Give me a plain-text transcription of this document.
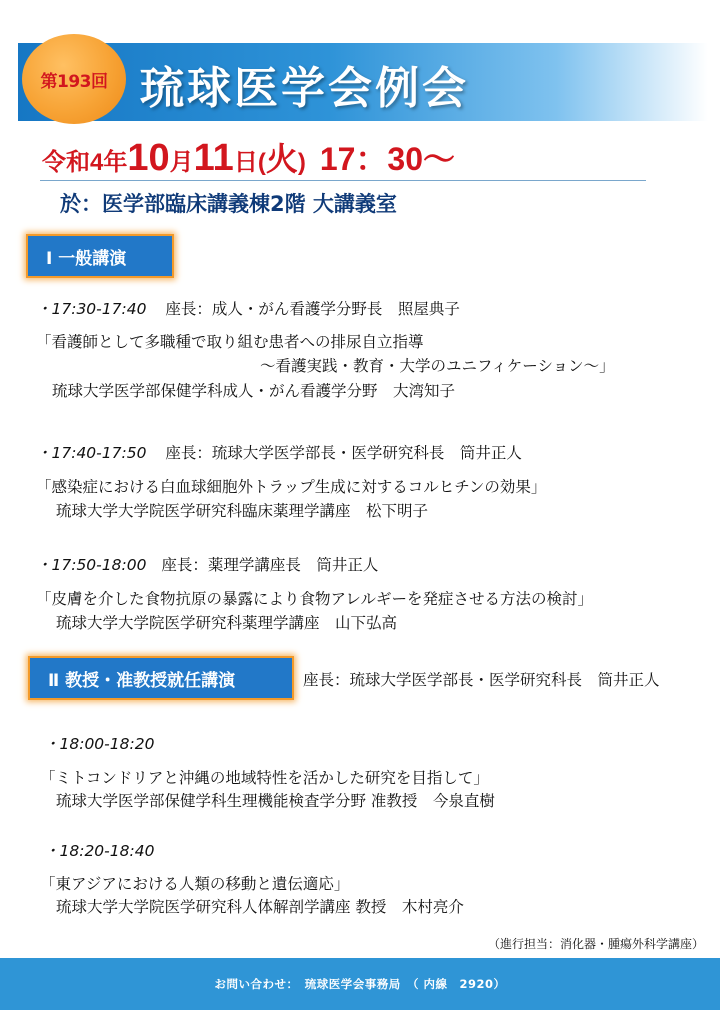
第193回 琉球医学会例会
令和4年10月11日(火) 17：30～
於：医学部臨床講義棟2階 大講義室
Ⅰ 一般講演
・17:30-17:40 座長：成人・がん看護学分野長　照屋典子
「看護師として多職種で取り組む患者への排尿自立指導
～看護実践・教育・大学のユニフィケーション～」
琉球大学医学部保健学科成人・がん看護学分野　大湾知子
・17:40-17:50 座長：琉球大学医学部長・医学研究科長　筒井正人
「感染症における白血球細胞外トラップ生成に対するコルヒチンの効果」
琉球大学大学院医学研究科臨床薬理学講座　松下明子
・17:50-18:00 座長：薬理学講座長　筒井正人
「皮膚を介した食物抗原の暴露により食物アレルギーを発症させる方法の検討」
琉球大学大学院医学研究科薬理学講座　山下弘高
Ⅱ 教授・准教授就任講演	座長：琉球大学医学部長・医学研究科長　筒井正人
・18:00-18:20
「ミトコンドリアと沖縄の地域特性を活かした研究を目指して」
琉球大学医学部保健学科生理機能検査学分野 准教授　今泉直樹
・18:20-18:40
「東アジアにおける人類の移動と遺伝適応」
琉球大学大学院医学研究科人体解剖学講座 教授　木村亮介
（進行担当：消化器・腫瘍外科学講座）
お問い合わせ：　琉球医学会事務局　（ 内線　2920）
